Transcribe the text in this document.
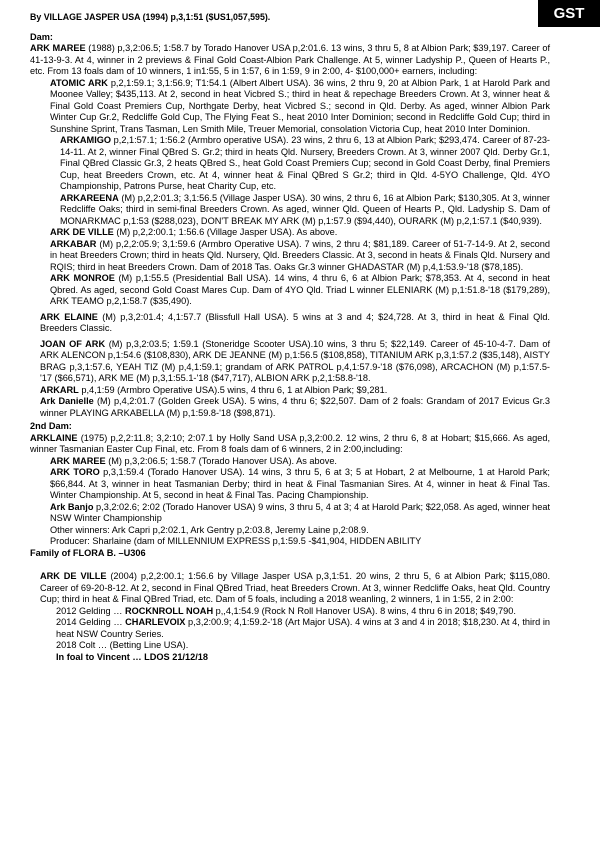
GST

By VILLAGE JASPER USA (1994) p,3,1:51 ($US1,057,595).

Dam:

ARK MAREE (1988) p,3,2:06.5; 1:58.7 by Torado Hanover USA p,2:01.6. 13 wins, 3 thru 5, 8 at Albion Park; $39,197. Career of 41-13-9-3. At 4, winner in 2 previews & Final Gold Coast-Albion Park Challenge. At 5, winner Ladyship P., Queen of Hearts P., etc. From 13 foals dam of 10 winners, 1 in1:55, 5 in 1:57, 6 in 1:59, 9 in 2:00, 4- $100,000+ earners, including:

ATOMIC ARK p,2,1:59.1; 3,1:56.9; T1:54.1 (Albert Albert USA). 36 wins, 2 thru 9, 20 at Albion Park, 1 at Harold Park and Moonee Valley; $435,113. At 2, second in heat Vicbred S.; third in heat & repechage Breeders Crown. At 3, winner heat & Final Gold Coast Premiers Cup, Northgate Derby, heat Vicbred S.; second in Qld. Derby. As aged, winner Albion Park Winter Cup Gr.2, Redcliffe Gold Cup, The Flying Feat S., heat 2010 Inter Dominion; second in Redcliffe Gold Cup; third in Sunshine Sprint, Trans Tasman, Len Smith Mile, Treuer Memorial, consolation Victoria Cup, heat 2010 Inter Dominion.

ARKAMIGO p,2,1:57.1; 1:56.2 (Armbro operative USA). 23 wins, 2 thru 6, 13 at Albion Park; $293,474. Career of 87-23-14-11. At 2, winner Final QBred S. Gr.2; third in heats Qld. Nursery, Breeders Crown. At 3, winner 2007 Qld. Derby Gr.1, Final QBred Classic Gr.3, 2 heats QBred S., heat Gold Coast Premiers Cup; second in Gold Coast Derby, final Premiers Cup, heat Breeders Crown, etc. At 4, winner heat & Final QBred S Gr.2; third in Qld. 4-5YO Challenge, Qld. 4YO Championship, Patrons Purse, heat Charity Cup, etc.

ARKAREENA (M) p,2,2:01.3; 3,1:56.5 (Village Jasper USA). 30 wins, 2 thru 6, 16 at Albion Park; $130,305. At 3, winner Redcliffe Oaks; third in semi-final Breeders Crown. As aged, winner Qld. Queen of Hearts P., Qld. Ladyship S. Dam of MONARKMAC p,1:53 ($288,023), DON'T BREAK MY ARK (M) p,1:57.9 ($94,440), OURARK (M) p,2,1:57.1 ($40,939).

ARK DE VILLE (M) p,2,2:00.1; 1:56.6 (Village Jasper USA). As above.

ARKABAR (M) p,2,2:05.9; 3,1:59.6 (Armbro Operative USA). 7 wins, 2 thru 4; $81,189. Career of 51-7-14-9. At 2, second in heat Breeders Crown; third in heats Qld. Nursery, Qld. Breeders Classic. At 3, second in heats & Finals Qld. Nursery and RQIS; third in heat Breeders Crown. Dam of 2018 Tas. Oaks Gr.3 winner GHADASTAR (M) p,4,1:53.9-'18 ($78,185).

ARK MONROE (M) p,1:55.5 (Presidential Ball USA). 14 wins, 4 thru 6, 6 at Albion Park; $78,353. At 4, second in heat Qbred. As aged, second Gold Coast Mares Cup. Dam of 4YO Qld. Triad L winner ELENIARK (M) p,1:51.8-'18 ($179,289), ARK TEAMO p,2,1:58.7 ($35,490).

ARK ELAINE (M) p,3,2:01.4; 4,1:57.7 (Blissfull Hall USA). 5 wins at 3 and 4; $24,728. At 3, third in heat & Final Qld. Breeders Classic.

JOAN OF ARK (M) p,3,2:03.5; 1:59.1 (Stoneridge Scooter USA).10 wins, 3 thru 5; $22,149. Career of 45-10-4-7. Dam of ARK ALENCON p,1:54.6 ($108,830), ARK DE JEANNE (M) p,1:56.5 ($108,858), TITANIUM ARK p,3,1:57.2 ($35,148), AISTY BRAG p,3,1:57.6, YEAH TIZ (M) p,4,1:59.1; grandam of ARK PATROL p,4,1:57.9-'18 ($76,098), ARCACHON (M) p,1:57.5-'17 ($66,571), ARK ME (M) p,3,1:55.1-'18 ($47,717), ALBION ARK p,2,1:58.8-'18.

ARKARL p,4,1:59 (Armbro Operative USA).5 wins, 4 thru 6, 1 at Albion Park; $9,281.

Ark Danielle (M) p,4,2:01.7 (Golden Greek USA). 5 wins, 4 thru 6; $22,507. Dam of 2 foals: Grandam of 2017 Evicus Gr.3 winner PLAYING ARKABELLA (M) p,1:59.8-'18 ($98,871).

2nd Dam:

ARKLAINE (1975) p,2,2:11.8; 3,2:10; 2:07.1 by Holly Sand USA p,3,2:00.2. 12 wins, 2 thru 6, 8 at Hobart; $15,666. As aged, winner Tasmanian Easter Cup Final, etc. From 8 foals dam of 6 winners, 2 in 2:00,including:

ARK MAREE (M) p,3,2:06.5; 1:58.7 (Torado Hanover USA). As above.

ARK TORO p,3,1:59.4 (Torado Hanover USA). 14 wins, 3 thru 5, 6 at 3; 5 at Hobart, 2 at Melbourne, 1 at Harold Park; $66,844. At 3, winner in heat Tasmanian Derby; third in heat & Final Tasmanian Sires. At 4, winner in heat & Final Tas. Winter Championship. At 5, second in heat & Final Tas. Pacing Championship.

Ark Banjo p,3,2:02.6; 2:02 (Torado Hanover USA) 9 wins, 3 thru 5, 4 at 3; 4 at Harold Park; $22,058. As aged, winner heat NSW Winter Championship

Other winners: Ark Capri p,2:02.1, Ark Gentry p,2:03.8, Jeremy Laine p,2:08.9.

Producer: Sharlaine (dam of MILLENNIUM EXPRESS p,1:59.5 -$41,904, HIDDEN ABILITY

Family of FLORA B. –U306

ARK DE VILLE (2004) p,2,2:00.1; 1:56.6 by Village Jasper USA p,3,1:51. 20 wins, 2 thru 5, 6 at Albion Park; $115,080. Career of 69-20-8-12. At 2, second in Final QBred Triad, heat Breeders Crown. At 3, winner Redcliffe Oaks, heat Qld. Country Cup; third in heat & Final QBred Triad, etc. Dam of 5 foals, including a 2018 weanling, 2 winners, 1 in 1:55, 2 in 2:00:

2012 Gelding … ROCKNROLL NOAH p,,4,1:54.9 (Rock N Roll Hanover USA). 8 wins, 4 thru 6 in 2018; $49,790.

2014 Gelding … CHARLEVOIX p,3,2:00.9; 4,1:59.2-'18 (Art Major USA). 4 wins at 3 and 4 in 2018; $18,230. At 4, third in heat NSW Country Series.

2018 Colt … (Betting Line USA).

In foal to Vincent … LDOS 21/12/18
